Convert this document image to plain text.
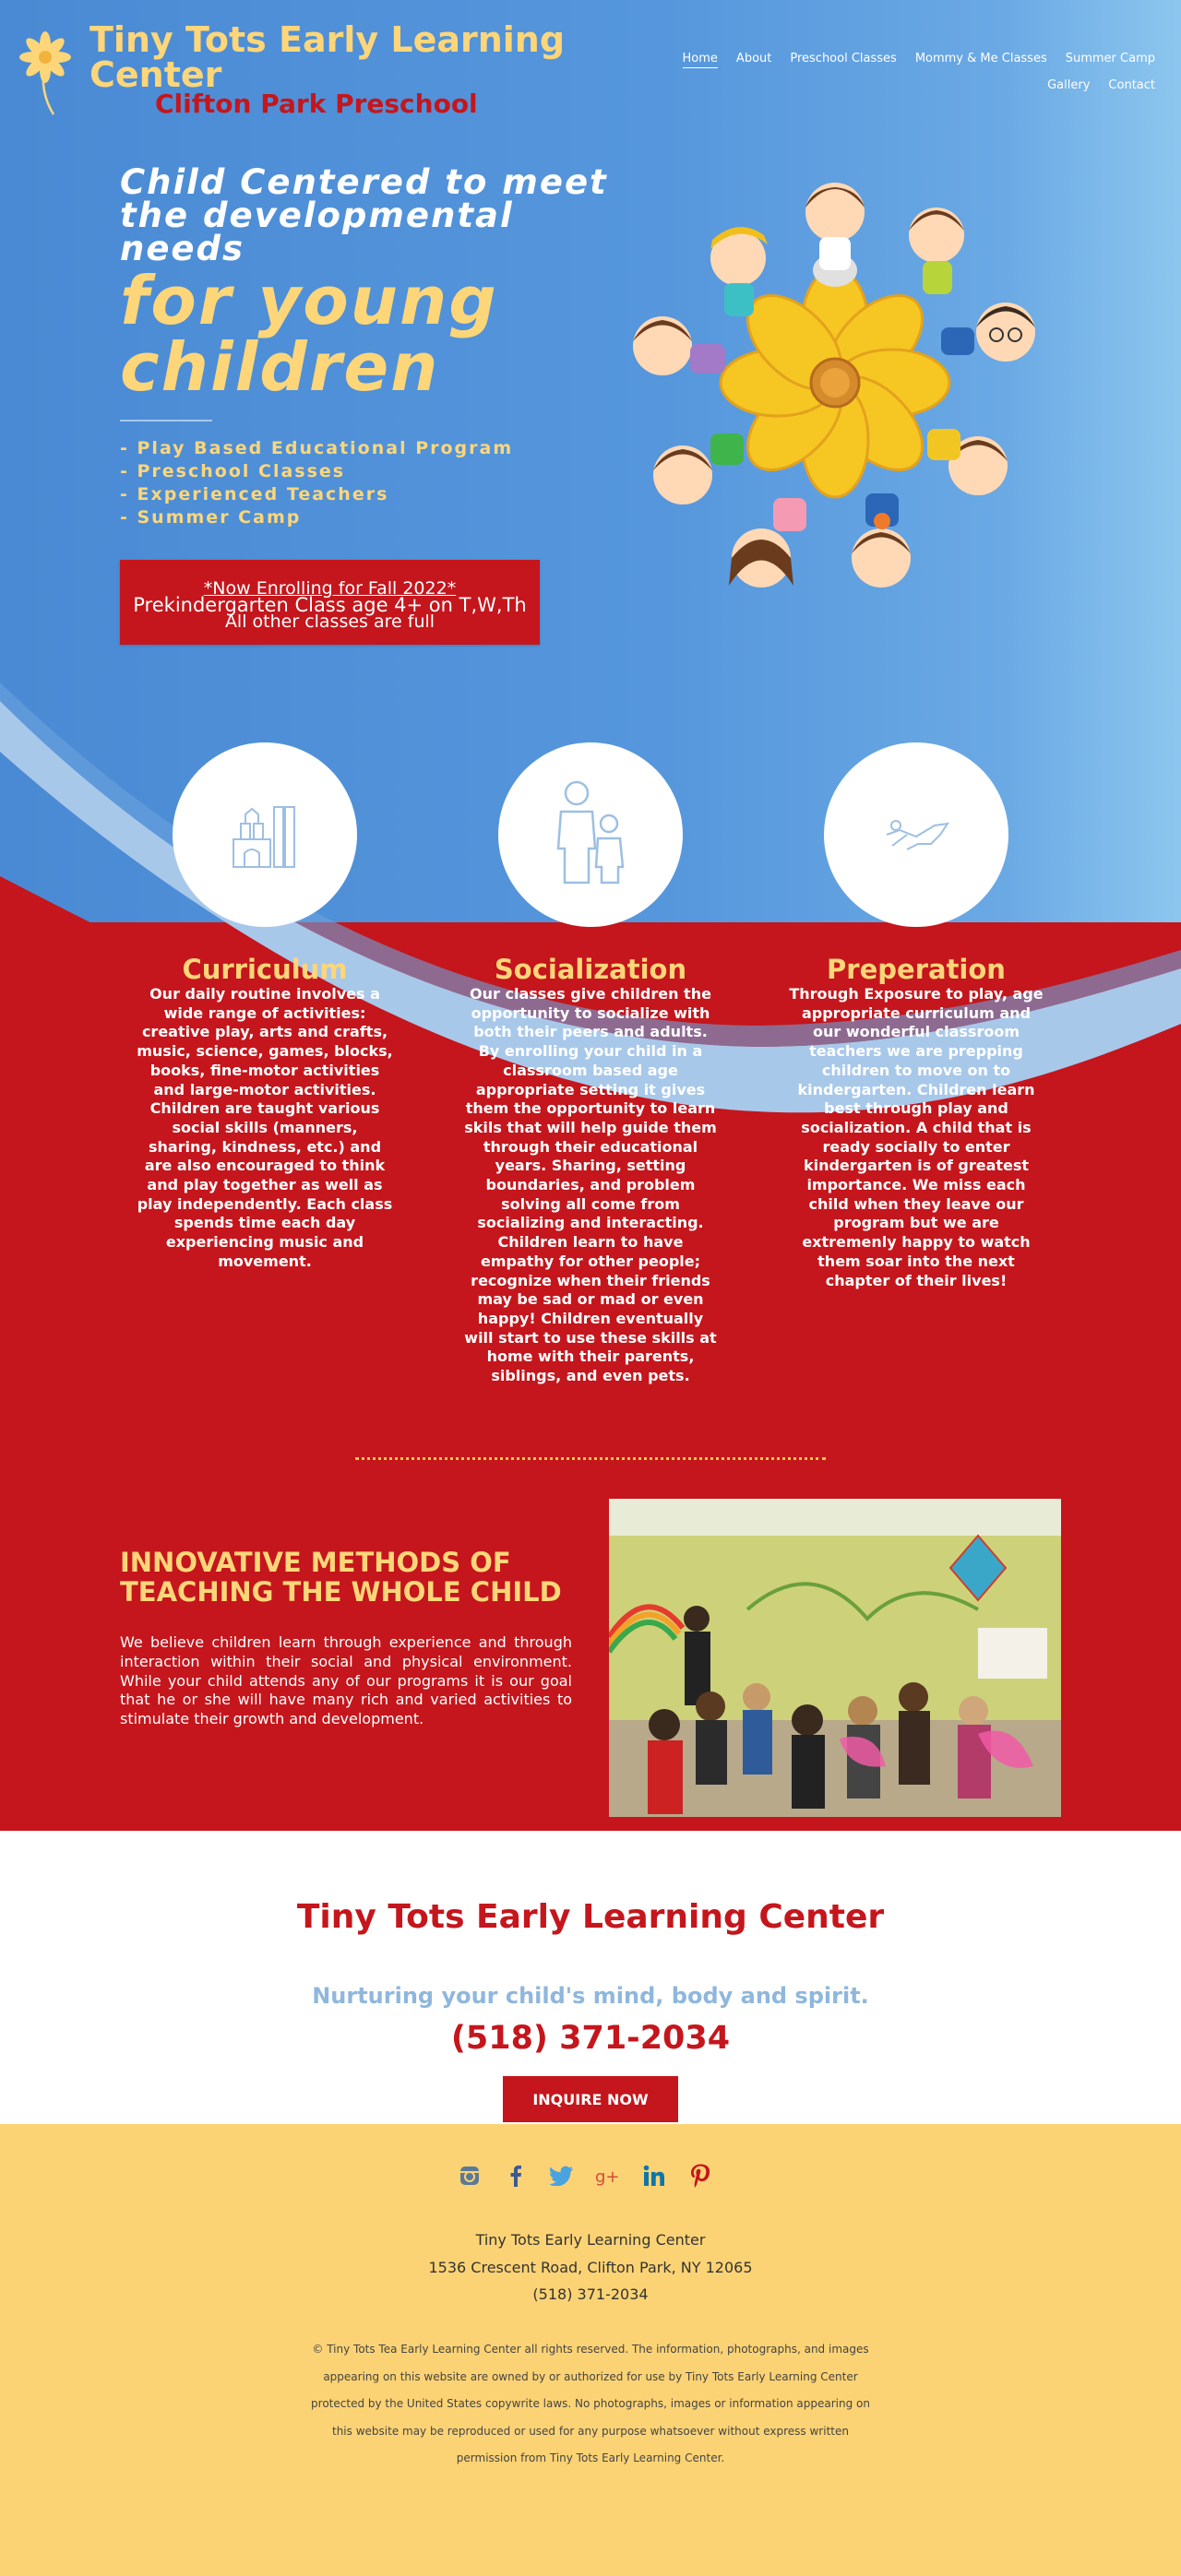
Tiny Tots Early Learning Center
Clifton Park Preschool
Home About Preschool Classes Mommy & Me Classes Summer Camp
Gallery Contact
Child Centered to meet the developmental needs
for young children
- Play Based Educational Program
- Preschool Classes
- Experienced Teachers
- Summer Camp
*Now Enrolling for Fall 2022*
Prekindergarten Class age 4+ on T,W,Th
All other classes are full
Curriculum

Our daily routine involves a wide range of activities: creative play, arts and crafts, music, science, games, blocks, books, fine-motor activities and large-motor activities. Children are taught various social skills (manners, sharing, kindness, etc.) and are also encouraged to think and play together as well as play independently. Each class spends time each day experiencing music and movement.

Socialization

Our classes give children the opportunity to socialize with both their peers and adults. By enrolling your child in a classroom based age appropriate setting it gives them the opportunity to learn skils that will help guide them through their educational years. Sharing, setting boundaries, and problem solving all come from socializing and interacting. Children learn to have empathy for other people; recognize when their friends may be sad or mad or even happy! Children eventually will start to use these skills at home with their parents, siblings, and even pets.

Preperation

Through Exposure to play, age appropriate curriculum and our wonderful classroom teachers we are prepping children to move on to kindergarten. Children learn best through play and socialization. A child that is ready socially to enter kindergarten is of greatest importance. We miss each child when they leave our program but we are extremenly happy to watch them soar into the next chapter of their lives!

INNOVATIVE METHODS OF TEACHING THE WHOLE CHILD

We believe children learn through experience and through interaction within their social and physical environment. While your child attends any of our programs it is our goal that he or she will have many rich and varied activities to stimulate their growth and development.

Tiny Tots Early Learning Center

Nurturing your child's mind, body and spirit.

(518) 371-2034

INQUIRE NOW
g+
Tiny Tots Early Learning Center
1536 Crescent Road, Clifton Park, NY 12065
(518) 371-2034

© Tiny Tots Tea Early Learning Center all rights reserved. The information, photographs, and images appearing on this website are owned by or authorized for use by Tiny Tots Early Learning Center protected by the United States copywrite laws. No photographs, images or information appearing on this website may be reproduced or used for any purpose whatsoever without express written permission from Tiny Tots Early Learning Center.
